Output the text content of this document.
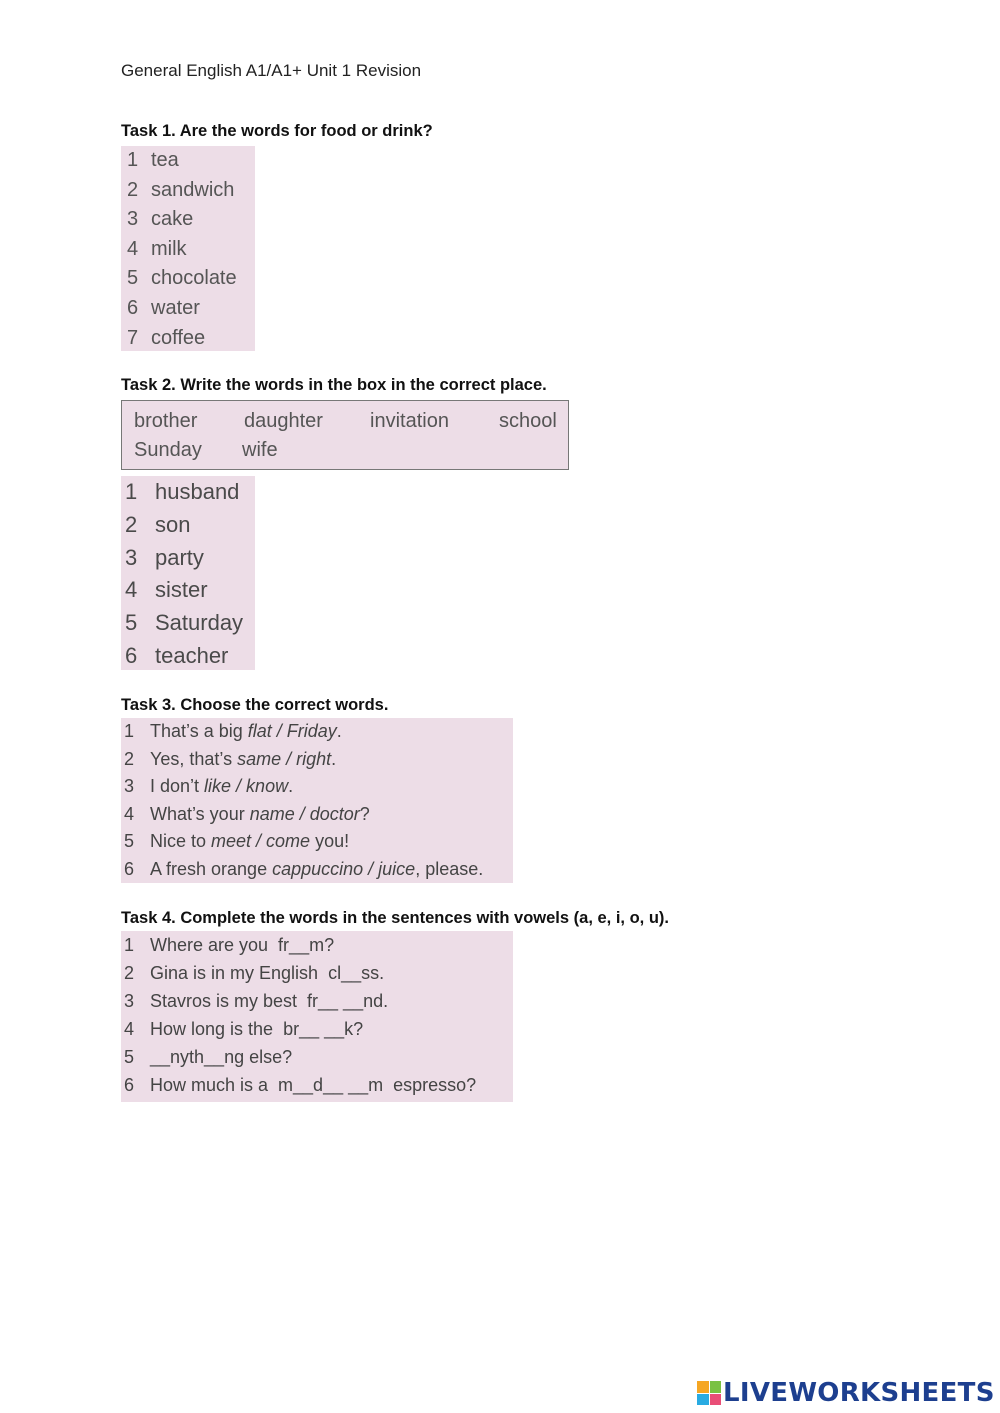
General English A1/A1+ Unit 1 Revision
Task 1. Are the words for food or drink?
1 tea
2 sandwich
3 cake
4 milk
5 chocolate
6 water
7 coffee
Task 2. Write the words in the box in the correct place.
brother daughter invitation	school
Sunday wife
1 husband
2 son
3 party
4 sister
5 Saturday
6 teacher
Task 3. Choose the correct words.
1 That’s a big flat / Friday.
2 Yes, that’s same / right.
3 I don’t like / know.
4 What’s your name / doctor?
5 Nice to meet / come you!
6 A fresh orange cappuccino / juice, please.
Task 4. Complete the words in the sentences with vowels (a, e, i, o, u).
1 Where are you  fr__m?
2 Gina is in my English  cl__ss.
3 Stavros is my best  fr__ __nd.
4 How long is the  br__ __k?
5 __nyth__ng else?
6 How much is a  m__d__ __m  espresso?
LIVEWORKSHEETS
